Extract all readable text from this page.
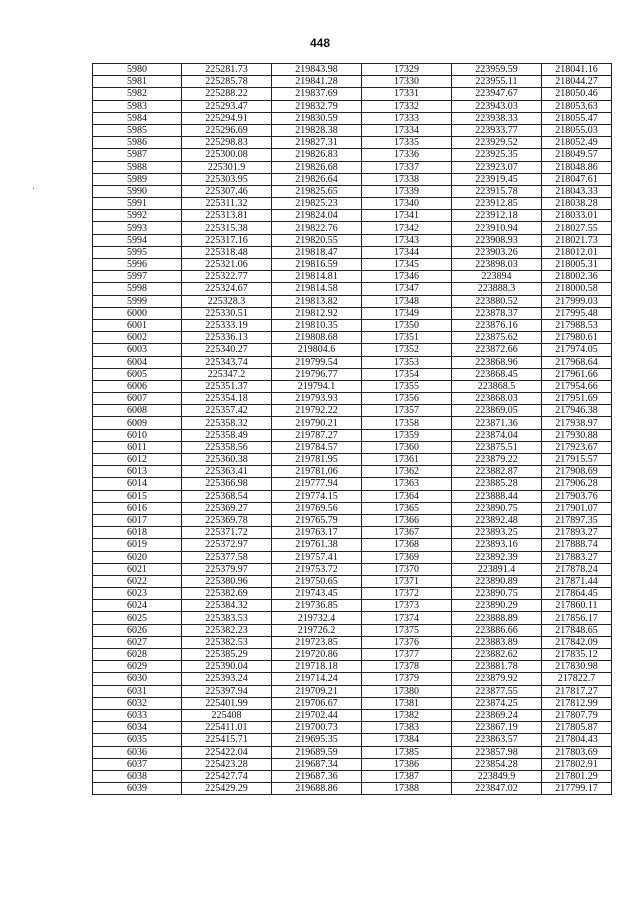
448
·
5980	225281.73	219843.98	17329	223959.59	218041.16
5981	225285.78	219841.28	17330	223955.11	218044.27
5982	225288.22	219837.69	17331	223947.67	218050.46
5983	225293.47	219832.79	17332	223943.03	218053.63
5984	225294.91	219830.59	17333	223938.33	218055.47
5985	225296.69	219828.38	17334	223933.77	218055.03
5986	225298.83	219827.31	17335	223929.52	218052.49
5987	225300.08	219826.83	17336	223925.35	218049.57
5988	225301.9	219826.68	17337	223923.07	218048.86
5989	225303.95	219826.64	17338	223919.45	218047.61
5990	225307.46	219825.65	17339	223915.78	218043.33
5991	225311.32	219825.23	17340	223912.85	218038.28
5992	225313.81	219824.04	17341	223912.18	218033.01
5993	225315.38	219822.76	17342	223910.94	218027.55
5994	225317.16	219820.55	17343	223908.93	218021.73
5995	225318.48	219818.47	17344	223903.26	218012.01
5996	225321.06	219816.59	17345	223898.03	218005.31
5997	225322.77	219814.81	17346	223894	218002.36
5998	225324.67	219814.58	17347	223888.3	218000.58
5999	225328.3	219813.82	17348	223880.52	217999.03
6000	225330.51	219812.92	17349	223878.37	217995.48
6001	225333.19	219810.35	17350	223876.16	217988.53
6002	225336.13	219808.68	17351	223875.62	217980.61
6003	225340.27	219804.6	17352	223872.66	217974.05
6004	225343.74	219799.54	17353	223868.96	217968.64
6005	225347.2	219796.77	17354	223868.45	217961.66
6006	225351.37	219794.1	17355	223868.5	217954.66
6007	225354.18	219793.93	17356	223868.03	217951.69
6008	225357.42	219792.22	17357	223869.05	217946.38
6009	225358.32	219790.21	17358	223871.36	217938.97
6010	225358.49	219787.27	17359	223874.04	217930.88
6011	225358.56	219784.57	17360	223875.51	217923.67
6012	225360.38	219781.95	17361	223879.22	217915.57
6013	225363.41	219781.06	17362	223882.87	217908.69
6014	225366.98	219777.94	17363	223885.28	217906.28
6015	225368.54	219774.15	17364	223888.44	217903.76
6016	225369.27	219769.56	17365	223890.75	217901.07
6017	225369.78	219765.79	17366	223892.48	217897.35
6018	225371.72	219763.17	17367	223893.25	217893.27
6019	225372.97	219761.38	17368	223893.16	217888.74
6020	225377.58	219757.41	17369	223892.39	217883.27
6021	225379.97	219753.72	17370	223891.4	217878.24
6022	225380.96	219750.65	17371	223890.89	217871.44
6023	225382.69	219743.45	17372	223890.75	217864.45
6024	225384.32	219736.85	17373	223890.29	217860.11
6025	225383.53	219732.4	17374	223888.89	217856.17
6026	225382.23	219726.2	17375	223886.66	217848.65
6027	225382.53	219723.85	17376	223883.89	217842.09
6028	225385.29	219720.86	17377	223882.62	217835.12
6029	225390.04	219718.18	17378	223881.78	217830.98
6030	225393.24	219714.24	17379	223879.92	217822.7
6031	225397.94	219709.21	17380	223877.55	217817.27
6032	225401.99	219706.67	17381	223874.25	217812.99
6033	225408	219702.44	17382	223869.24	217807.79
6034	225411.01	219700.73	17383	223867.19	217805.87
6035	225415.71	219695.35	17384	223863.57	217804.43
6036	225422.04	219689.59	17385	223857.98	217803.69
6037	225423.28	219687.34	17386	223854.28	217802.91
6038	225427.74	219687.36	17387	223849.9	217801.29
6039	225429.29	219688.86	17388	223847.02	217799.17
